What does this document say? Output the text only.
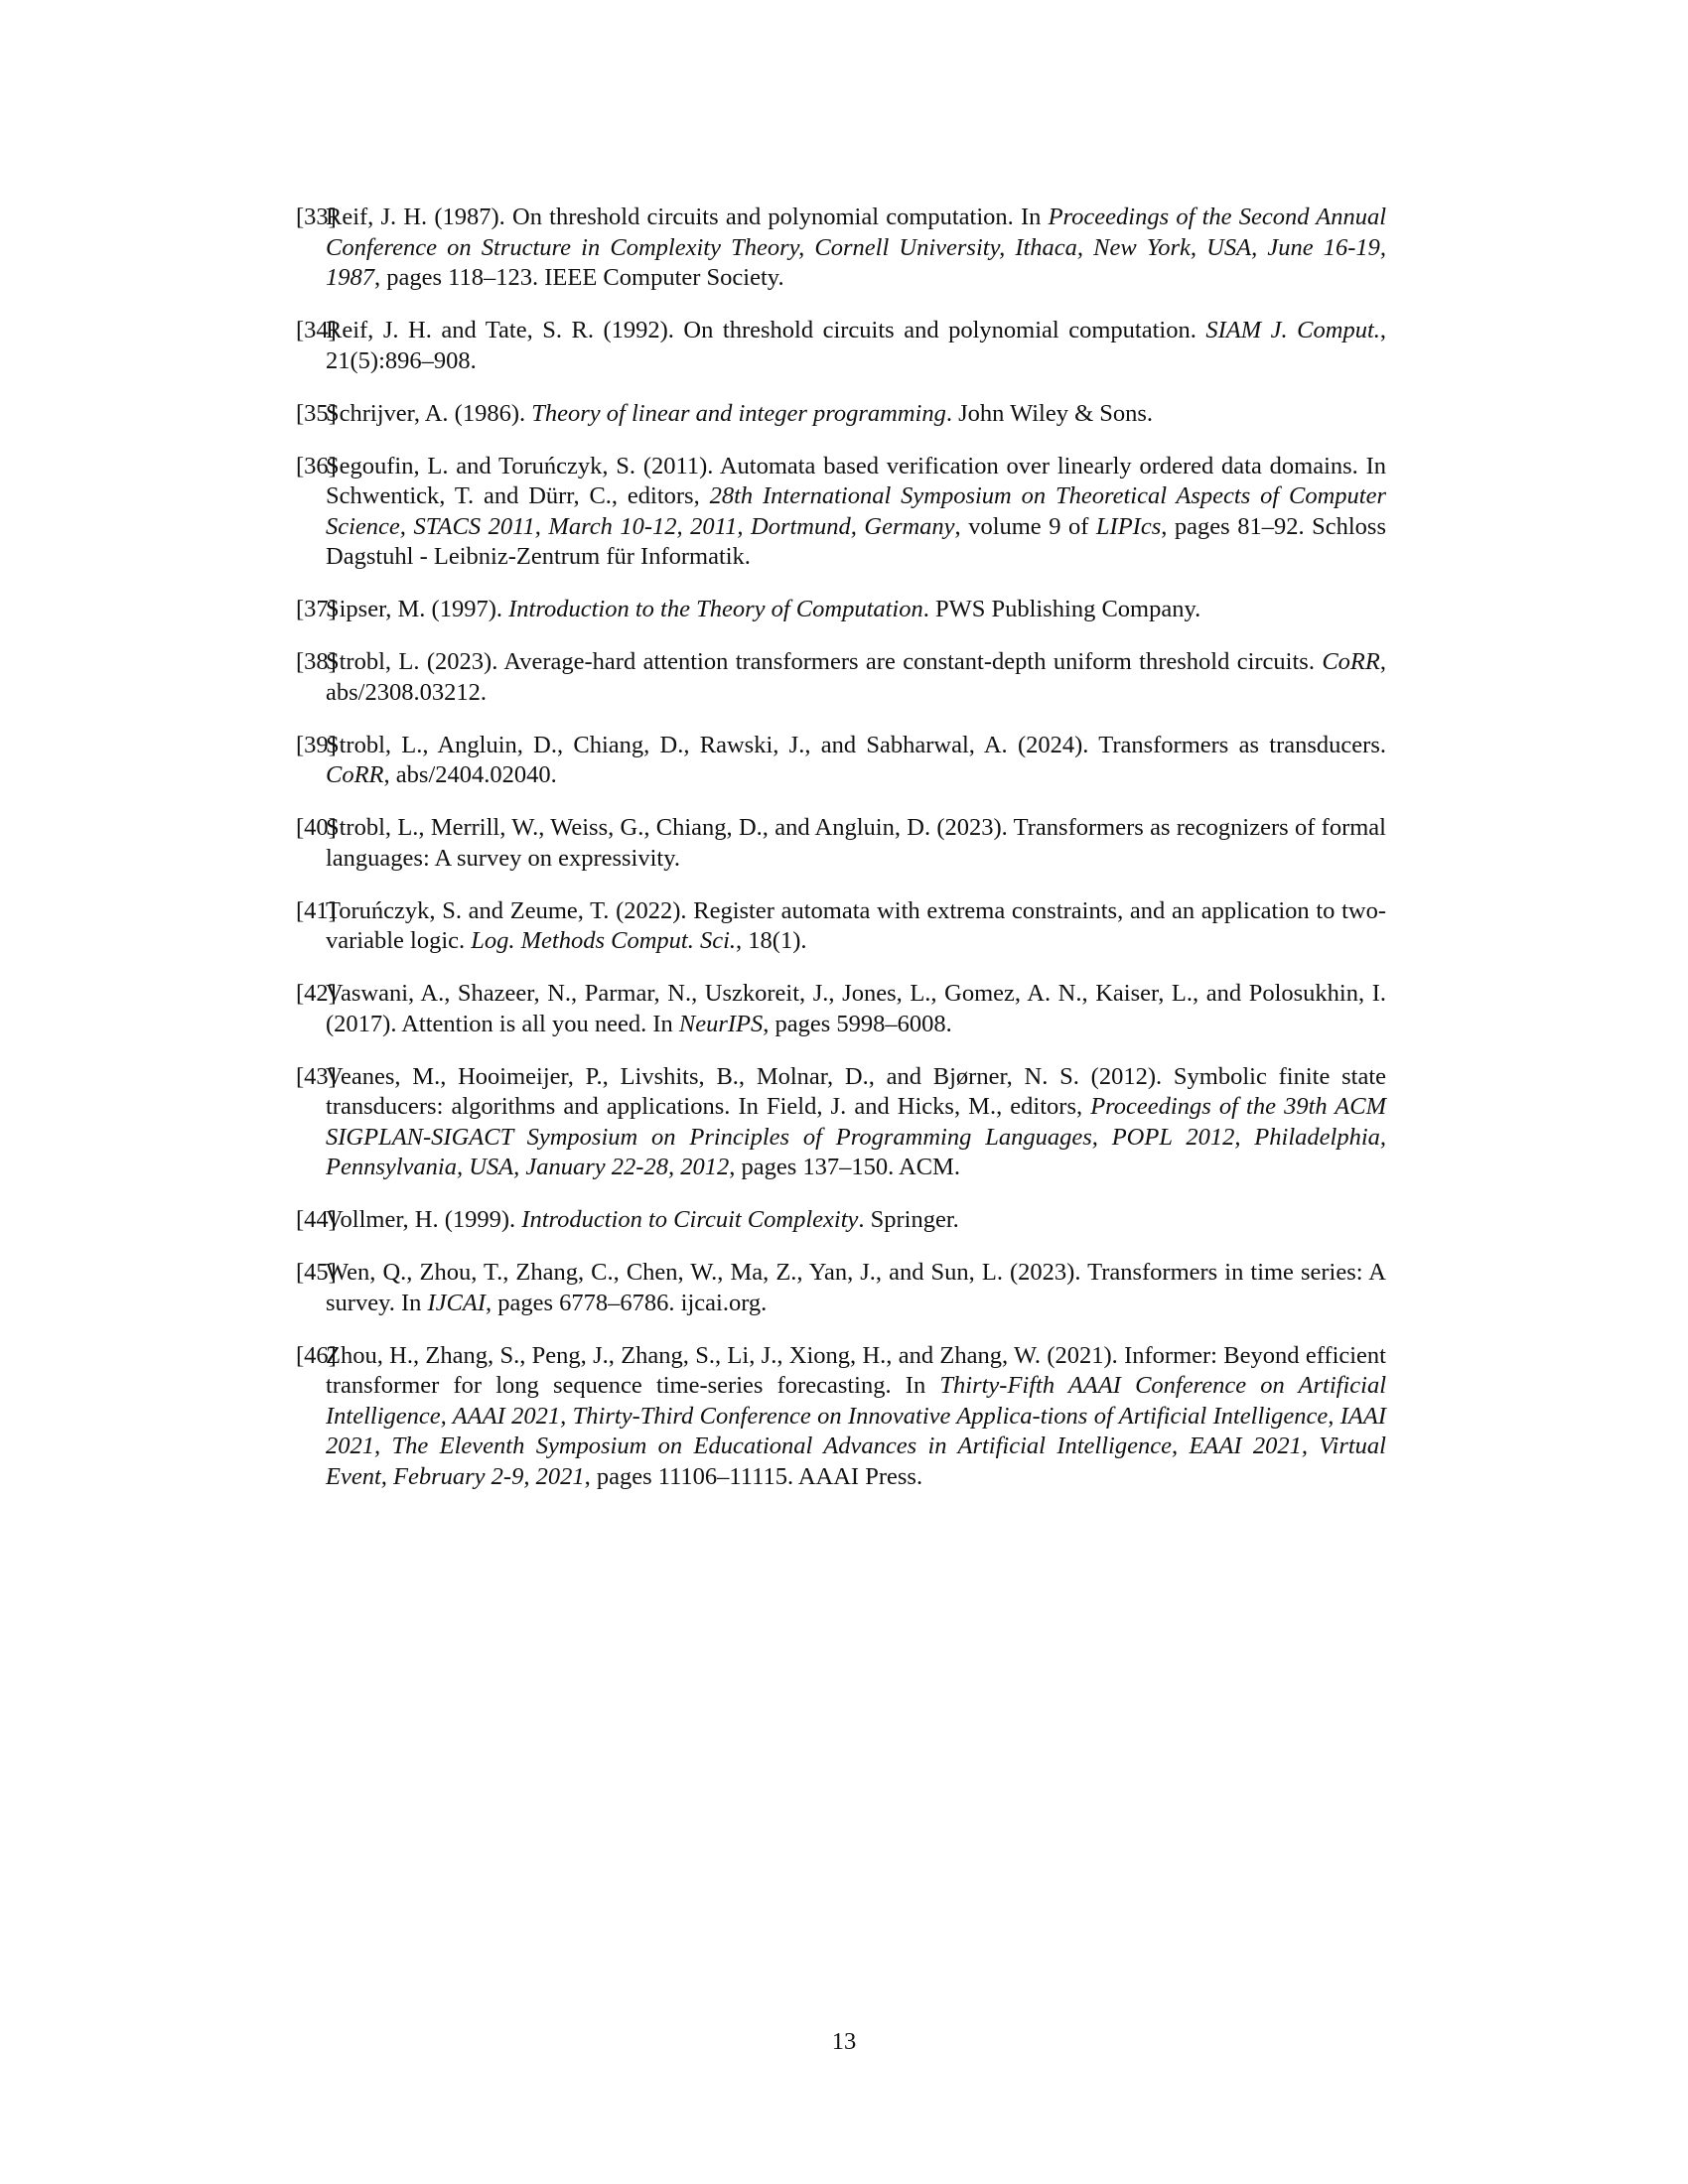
[33]
Reif, J. H. (1987). On threshold circuits and polynomial computation. In Proceedings of the Second Annual Conference on Structure in Complexity Theory, Cornell University, Ithaca, New York, USA, June 16-19, 1987, pages 118–123. IEEE Computer Society.
[34]
Reif, J. H. and Tate, S. R. (1992). On threshold circuits and polynomial computation. SIAM J. Comput., 21(5):896–908.
[35]
Schrijver, A. (1986). Theory of linear and integer programming. John Wiley & Sons.
[36]
Segoufin, L. and Toruńczyk, S. (2011). Automata based verification over linearly ordered data domains. In Schwentick, T. and Dürr, C., editors, 28th International Symposium on Theoretical Aspects of Computer Science, STACS 2011, March 10-12, 2011, Dortmund, Germany, volume 9 of LIPIcs, pages 81–92. Schloss Dagstuhl - Leibniz-Zentrum für Informatik.
[37]
Sipser, M. (1997). Introduction to the Theory of Computation. PWS Publishing Company.
[38]
Strobl, L. (2023). Average-hard attention transformers are constant-depth uniform threshold circuits. CoRR, abs/2308.03212.
[39]
Strobl, L., Angluin, D., Chiang, D., Rawski, J., and Sabharwal, A. (2024). Transformers as transducers. CoRR, abs/2404.02040.
[40]
Strobl, L., Merrill, W., Weiss, G., Chiang, D., and Angluin, D. (2023). Transformers as recognizers of formal languages: A survey on expressivity.
[41]
Toruńczyk, S. and Zeume, T. (2022). Register automata with extrema constraints, and an application to two-variable logic. Log. Methods Comput. Sci., 18(1).
[42]
Vaswani, A., Shazeer, N., Parmar, N., Uszkoreit, J., Jones, L., Gomez, A. N., Kaiser, L., and Polosukhin, I. (2017). Attention is all you need. In NeurIPS, pages 5998–6008.
[43]
Veanes, M., Hooimeijer, P., Livshits, B., Molnar, D., and Bjørner, N. S. (2012). Symbolic finite state transducers: algorithms and applications. In Field, J. and Hicks, M., editors, Proceedings of the 39th ACM SIGPLAN-SIGACT Symposium on Principles of Programming Languages, POPL 2012, Philadelphia, Pennsylvania, USA, January 22-28, 2012, pages 137–150. ACM.
[44]
Vollmer, H. (1999). Introduction to Circuit Complexity. Springer.
[45]
Wen, Q., Zhou, T., Zhang, C., Chen, W., Ma, Z., Yan, J., and Sun, L. (2023). Transformers in time series: A survey. In IJCAI, pages 6778–6786. ijcai.org.
[46]
Zhou, H., Zhang, S., Peng, J., Zhang, S., Li, J., Xiong, H., and Zhang, W. (2021). Informer: Beyond efficient transformer for long sequence time-series forecasting. In Thirty-Fifth AAAI Conference on Artificial Intelligence, AAAI 2021, Thirty-Third Conference on Innovative Applica-tions of Artificial Intelligence, IAAI 2021, The Eleventh Symposium on Educational Advances in Artificial Intelligence, EAAI 2021, Virtual Event, February 2-9, 2021, pages 11106–11115. AAAI Press.
13
